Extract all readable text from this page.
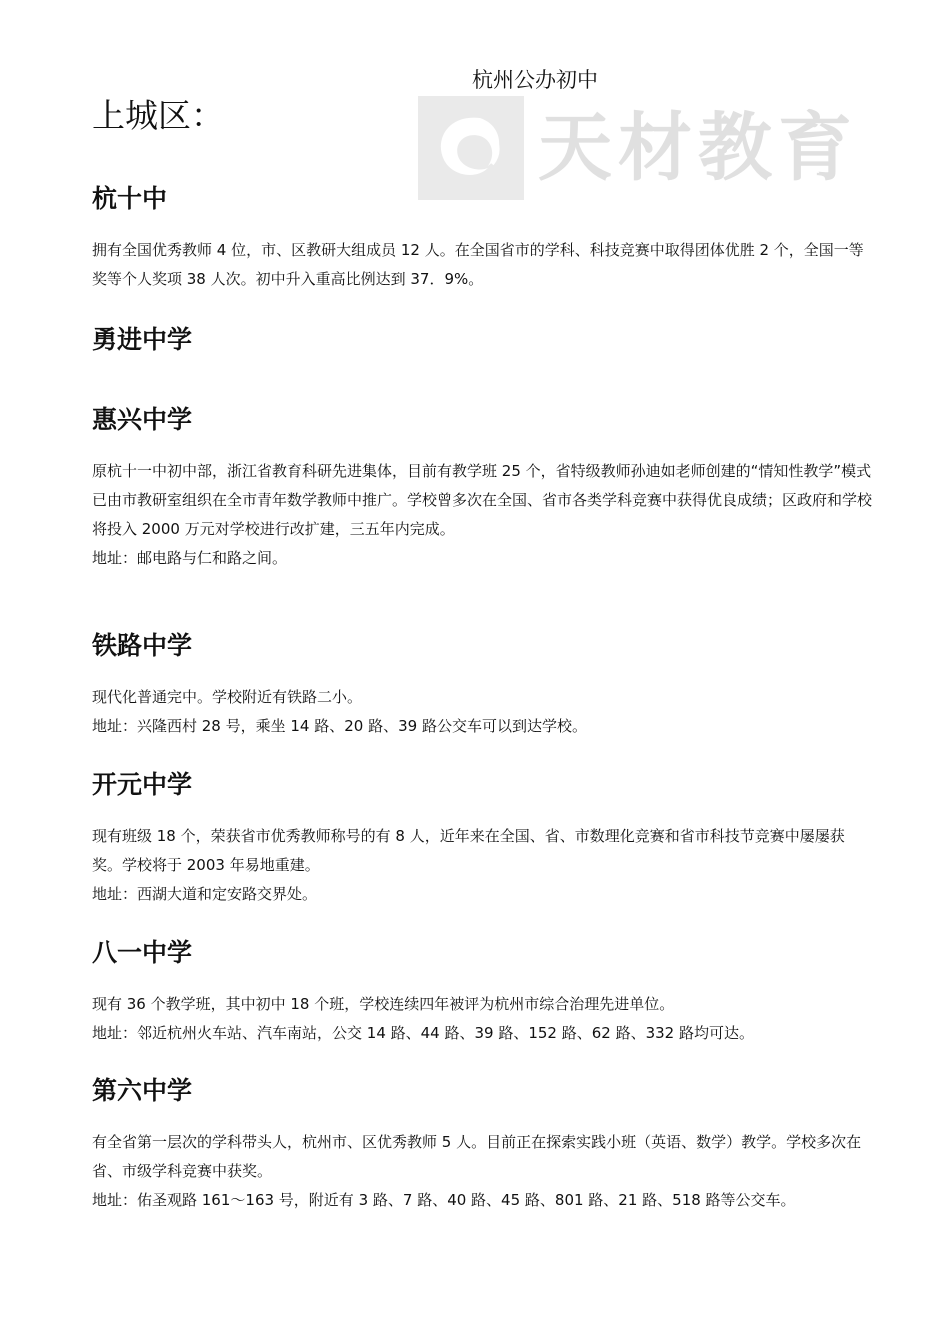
杭州公办初中
天材教育
上城区：
杭十中

拥有全国优秀教师 4 位，市、区教研大组成员 12 人。在全国省市的学科、科技竞赛中取得团体优胜 2 个，全国一等奖等个人奖项 38 人次。初中升入重高比例达到 37．9%。

勇进中学
惠兴中学

原杭十一中初中部，浙江省教育科研先进集体，目前有教学班 25 个，省特级教师孙迪如老师创建的“情知性教学”模式已由市教研室组织在全市青年数学教师中推广。学校曾多次在全国、省市各类学科竞赛中获得优良成绩；区政府和学校将投入 2000 万元对学校进行改扩建，三五年内完成。

地址：邮电路与仁和路之间。

铁路中学

现代化普通完中。学校附近有铁路二小。

地址：兴隆西村 28 号，乘坐 14 路、20 路、39 路公交车可以到达学校。

开元中学

现有班级 18 个，荣获省市优秀教师称号的有 8 人，近年来在全国、省、市数理化竞赛和省市科技节竞赛中屡屡获奖。学校将于 2003 年易地重建。

地址：西湖大道和定安路交界处。

八一中学

现有 36 个教学班，其中初中 18 个班，学校连续四年被评为杭州市综合治理先进单位。

地址：邻近杭州火车站、汽车南站，公交 14 路、44 路、39 路、152 路、62 路、332 路均可达。

第六中学

有全省第一层次的学科带头人，杭州市、区优秀教师 5 人。目前正在探索实践小班（英语、数学）教学。学校多次在省、市级学科竞赛中获奖。

地址：佑圣观路 161～163 号，附近有 3 路、7 路、40 路、45 路、801 路、21 路、518 路等公交车。
